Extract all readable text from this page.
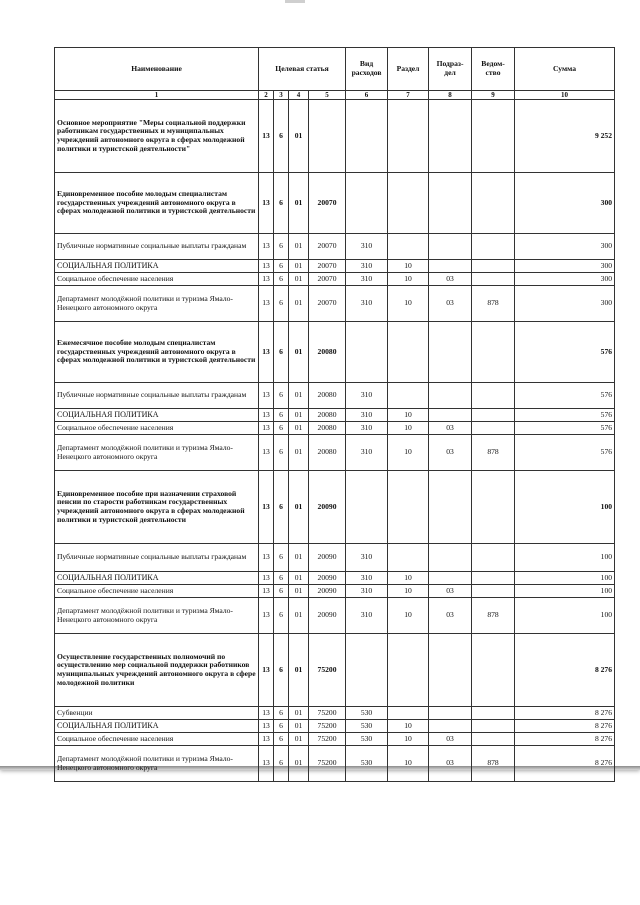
Наименование	Целевая статья				Вид расходов	Раздел	Подраз-дел	Ведом-ство	Сумма
1	2	3	4	5	6	7	8	9	10
Основное мероприятие "Меры социальной поддержки работникам государственных и муниципальных учреждений автономного округа в сферах молодежной политики и туристской деятельности"	13	6	01						9 252
Единовременное пособие молодым специалистам государственных учреждений автономного округа в сферах молодежной политики и туристской деятельности	13	6	01	20070					300
Публичные нормативные социальные выплаты гражданам	13	6	01	20070	310				300
СОЦИАЛЬНАЯ ПОЛИТИКА	13	6	01	20070	310	10			300
Социальное обеспечение населения	13	6	01	20070	310	10	03		300
Департамент молодёжной политики и туризма Ямало-Ненецкого автономного округа	13	6	01	20070	310	10	03	878	300
Ежемесячное пособие молодым специалистам государственных учреждений автономного округа в сферах молодежной политики и туристской деятельности	13	6	01	20080					576
Публичные нормативные социальные выплаты гражданам	13	6	01	20080	310				576
СОЦИАЛЬНАЯ ПОЛИТИКА	13	6	01	20080	310	10			576
Социальное обеспечение населения	13	6	01	20080	310	10	03		576
Департамент молодёжной политики и туризма Ямало-Ненецкого автономного округа	13	6	01	20080	310	10	03	878	576
Единовременное пособие при назначении страховой пенсии по старости работникам государственных учреждений автономного округа в сферах молодежной политики и туристской деятельности	13	6	01	20090					100
Публичные нормативные социальные выплаты гражданам	13	6	01	20090	310				100
СОЦИАЛЬНАЯ ПОЛИТИКА	13	6	01	20090	310	10			100
Социальное обеспечение населения	13	6	01	20090	310	10	03		100
Департамент молодёжной политики и туризма Ямало-Ненецкого автономного округа	13	6	01	20090	310	10	03	878	100
Осуществление государственных полномочий по осуществлению мер социальной поддержки работников муниципальных учреждений автономного округа в сфере молодежной политики	13	6	01	75200					8 276
Субвенции	13	6	01	75200	530				8 276
СОЦИАЛЬНАЯ ПОЛИТИКА	13	6	01	75200	530	10			8 276
Социальное обеспечение населения	13	6	01	75200	530	10	03		8 276
Департамент молодёжной политики и туризма Ямало-Ненецкого автономного округа	13	6	01	75200	530	10	03	878	8 276
